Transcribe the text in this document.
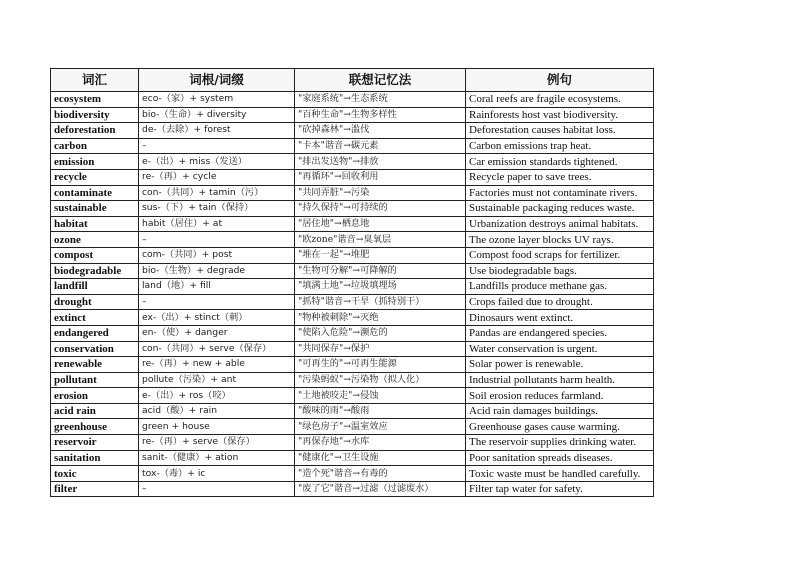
词汇	词根/词缀	联想记忆法	例句
ecosystem	eco-（家）+ system	"家庭系统"→生态系统	Coral reefs are fragile ecosystems.
biodiversity	bio-（生命）+ diversity	"百种生命"→生物多样性	Rainforests host vast biodiversity.
deforestation	de-（去除）+ forest	"砍掉森林"→滥伐	Deforestation causes habitat loss.
carbon	–	"卡本"谐音→碳元素	Carbon emissions trap heat.
emission	e-（出）+ miss（发送）	"排出发送物"→排放	Car emission standards tightened.
recycle	re-（再）+ cycle	"再循环"→回收利用	Recycle paper to save trees.
contaminate	con-（共同）+ tamin（污）	"共同弄脏"→污染	Factories must not contaminate rivers.
sustainable	sus-（下）+ tain（保持）	"持久保持"→可持续的	Sustainable packaging reduces waste.
habitat	habit（居住）+ at	"居住地"→栖息地	Urbanization destroys animal habitats.
ozone	–	"欧zone"谐音→臭氧层	The ozone layer blocks UV rays.
compost	com-（共同）+ post	"堆在一起"→堆肥	Compost food scraps for fertilizer.
biodegradable	bio-（生物）+ degrade	"生物可分解"→可降解的	Use biodegradable bags.
landfill	land（地）+ fill	"填满土地"→垃圾填埋场	Landfills produce methane gas.
drought	–	"抓特"谐音→干旱（抓特别干）	Crops failed due to drought.
extinct	ex-（出）+ stinct（刺）	"物种被刺除"→灭绝	Dinosaurs went extinct.
endangered	en-（使）+ danger	"使陷入危险"→濒危的	Pandas are endangered species.
conservation	con-（共同）+ serve（保存）	"共同保存"→保护	Water conservation is urgent.
renewable	re-（再）+ new + able	"可再生的"→可再生能源	Solar power is renewable.
pollutant	pollute（污染）+ ant	"污染蚂蚁"→污染物（拟人化）	Industrial pollutants harm health.
erosion	e-（出）+ ros（咬）	"土地被咬走"→侵蚀	Soil erosion reduces farmland.
acid rain	acid（酸）+ rain	"酸味的雨"→酸雨	Acid rain damages buildings.
greenhouse	green + house	"绿色房子"→温室效应	Greenhouse gases cause warming.
reservoir	re-（再）+ serve（保存）	"再保存地"→水库	The reservoir supplies drinking water.
sanitation	sanit-（健康）+ ation	"健康化"→卫生设施	Poor sanitation spreads diseases.
toxic	tox-（毒）+ ic	"造个死"谐音→有毒的	Toxic waste must be handled carefully.
filter	–	"废了它"谐音→过滤（过滤废水）	Filter tap water for safety.
